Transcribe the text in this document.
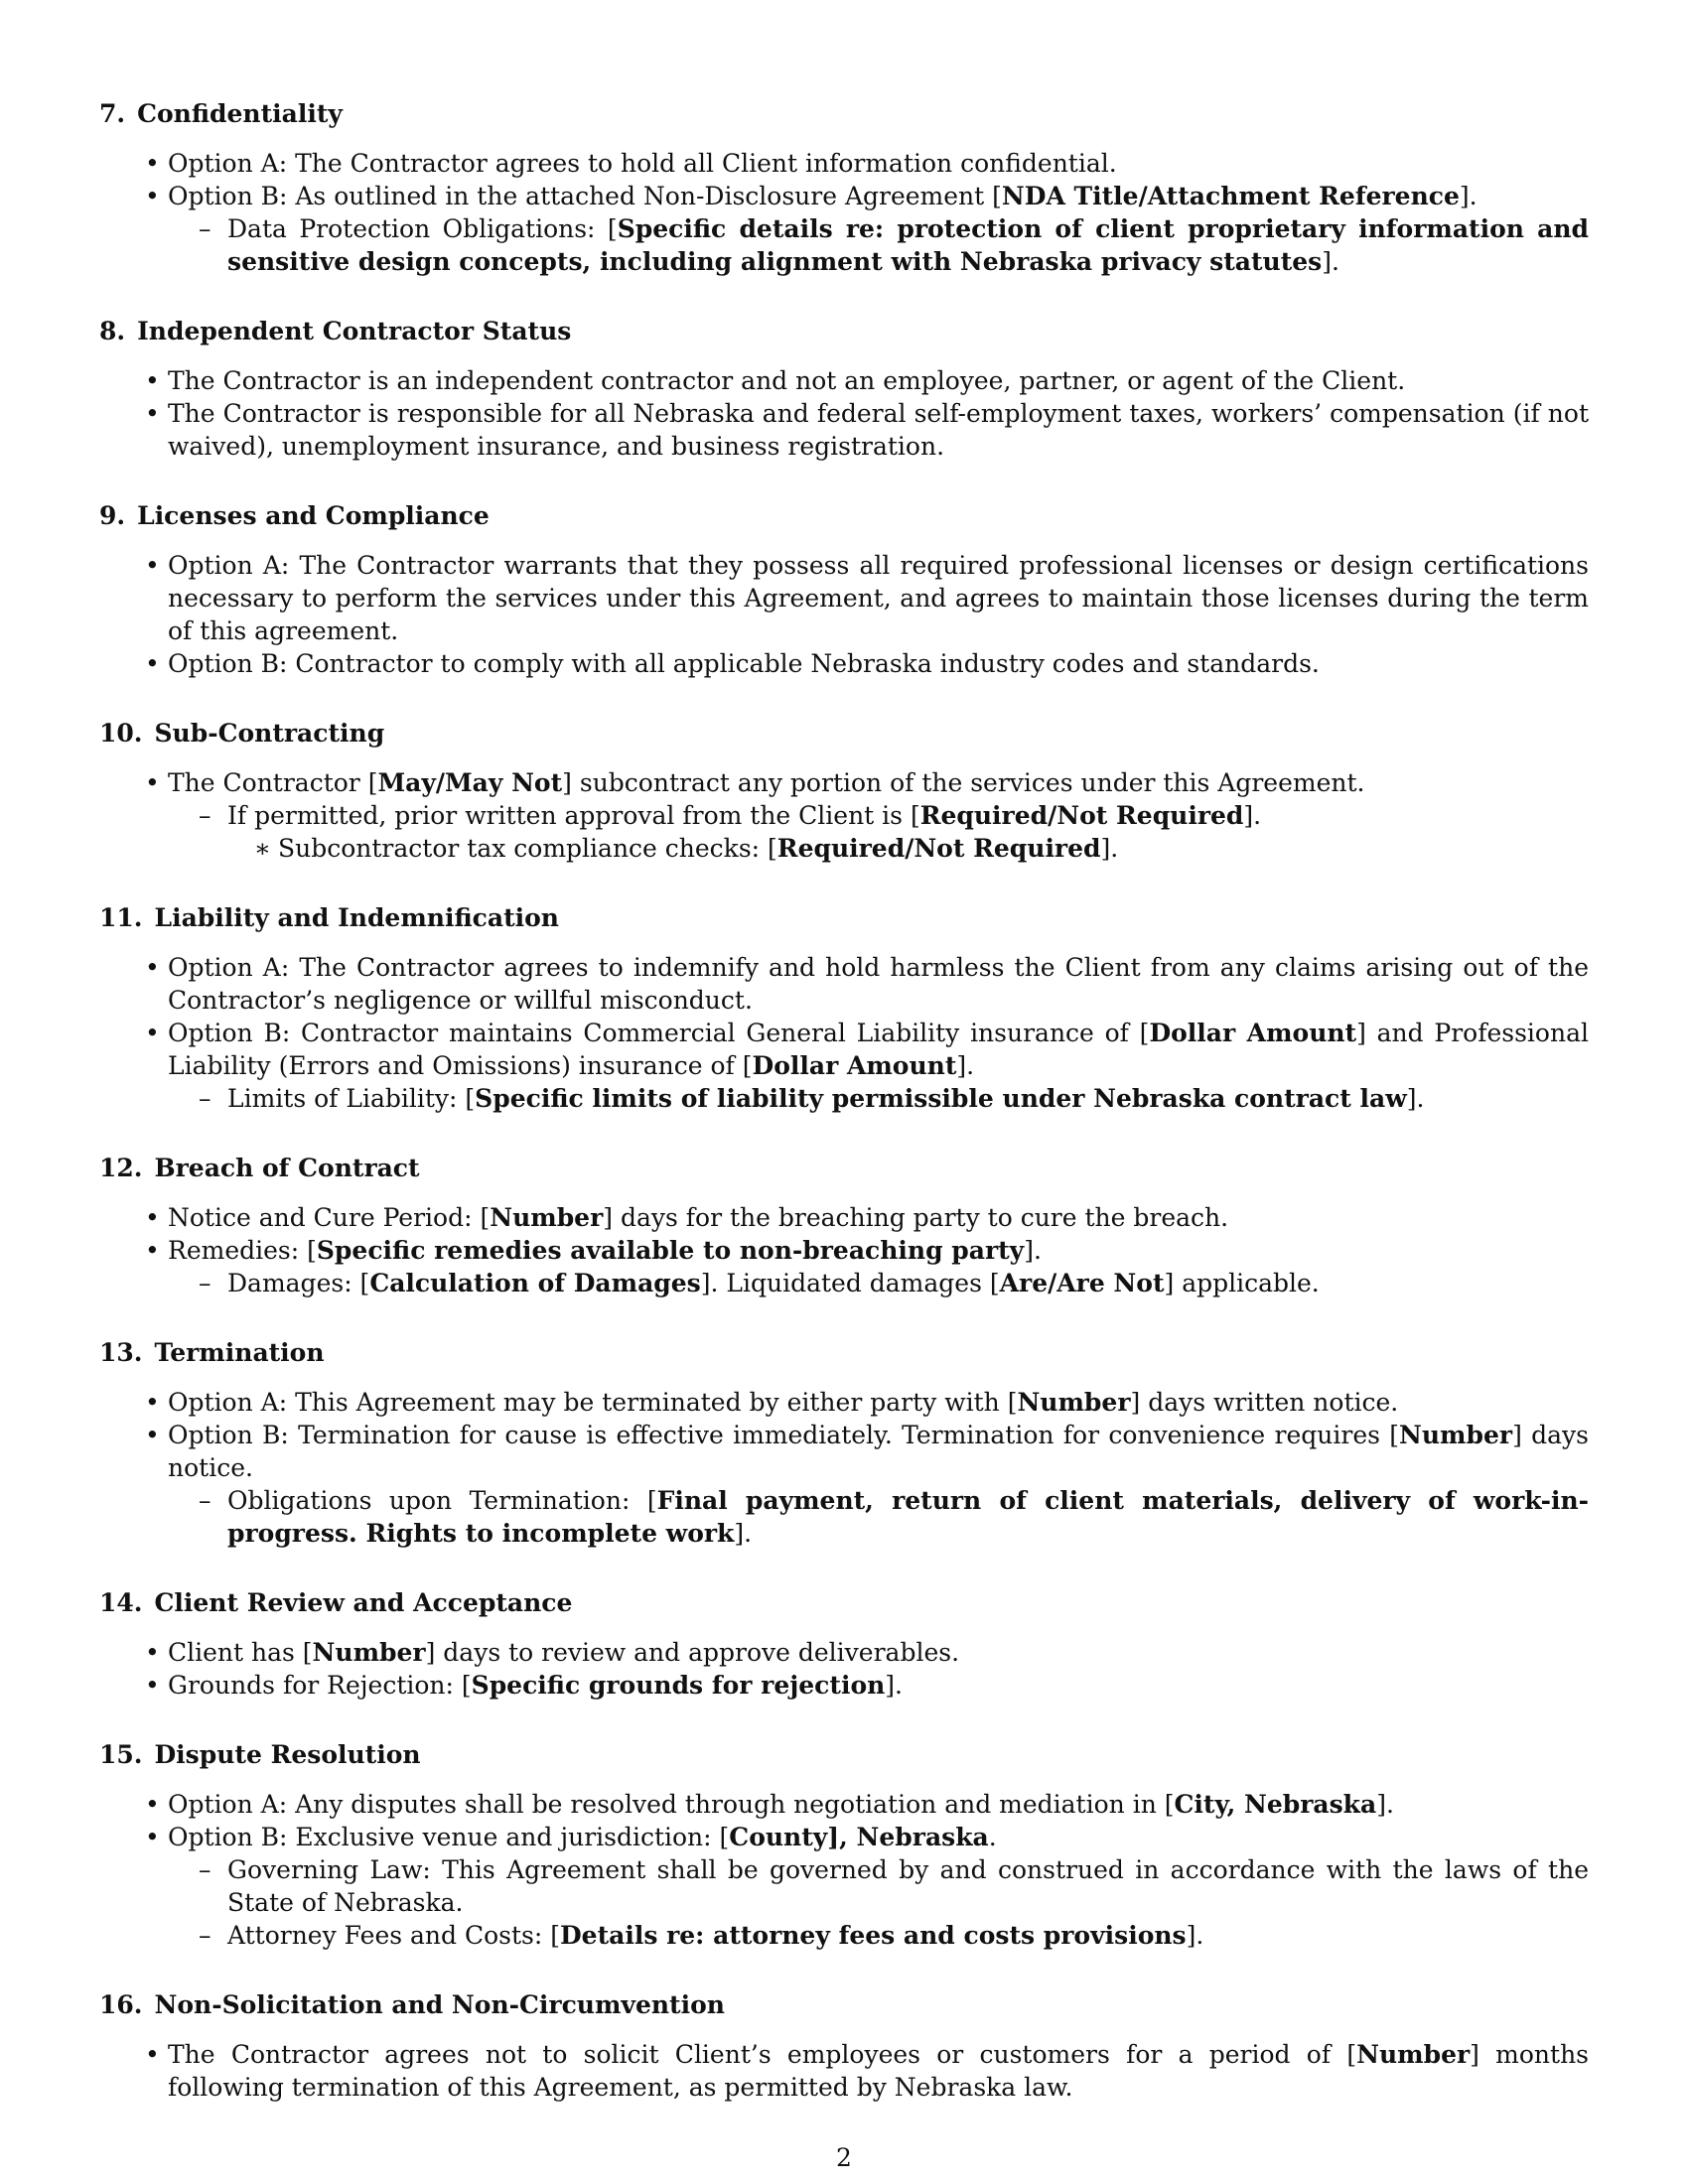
7. Confidentiality
• Option A: The Contractor agrees to hold all Client information confidential.
• Option B: As outlined in the attached Non-Disclosure Agreement [NDA Title/Attachment Reference].
– Data Protection Obligations: [Specific details re: protection of client proprietary information and sensitive design concepts, including alignment with Nebraska privacy statutes].
8. Independent Contractor Status
• The Contractor is an independent contractor and not an employee, partner, or agent of the Client.
• The Contractor is responsible for all Nebraska and federal self-employment taxes, workers’ compensation (if not waived), unemployment insurance, and business registration.
9. Licenses and Compliance
• Option A: The Contractor warrants that they possess all required professional licenses or design certifications necessary to perform the services under this Agreement, and agrees to maintain those licenses during the term of this agreement.
• Option B: Contractor to comply with all applicable Nebraska industry codes and standards.
10. Sub-Contracting
• The Contractor [May/May Not] subcontract any portion of the services under this Agreement.
– If permitted, prior written approval from the Client is [Required/Not Required].
∗ Subcontractor tax compliance checks: [Required/Not Required].
11. Liability and Indemnification
• Option A: The Contractor agrees to indemnify and hold harmless the Client from any claims arising out of the Contractor’s negligence or willful misconduct.
• Option B: Contractor maintains Commercial General Liability insurance of [Dollar Amount] and Professional Liability (Errors and Omissions) insurance of [Dollar Amount].
– Limits of Liability: [Specific limits of liability permissible under Nebraska contract law].
12. Breach of Contract
• Notice and Cure Period: [Number] days for the breaching party to cure the breach.
• Remedies: [Specific remedies available to non-breaching party].
– Damages: [Calculation of Damages]. Liquidated damages [Are/Are Not] applicable.
13. Termination
• Option A: This Agreement may be terminated by either party with [Number] days written notice.
• Option B: Termination for cause is effective immediately. Termination for convenience requires [Number] days notice.
– Obligations upon Termination: [Final payment, return of client materials, delivery of work-in-progress. Rights to incomplete work].
14. Client Review and Acceptance
• Client has [Number] days to review and approve deliverables.
• Grounds for Rejection: [Specific grounds for rejection].
15. Dispute Resolution
• Option A: Any disputes shall be resolved through negotiation and mediation in [City, Nebraska].
• Option B: Exclusive venue and jurisdiction: [County], Nebraska.
– Governing Law: This Agreement shall be governed by and construed in accordance with the laws of the State of Nebraska.
– Attorney Fees and Costs: [Details re: attorney fees and costs provisions].
16. Non-Solicitation and Non-Circumvention
• The Contractor agrees not to solicit Client’s employees or customers for a period of [Number] months following termination of this Agreement, as permitted by Nebraska law.
2
